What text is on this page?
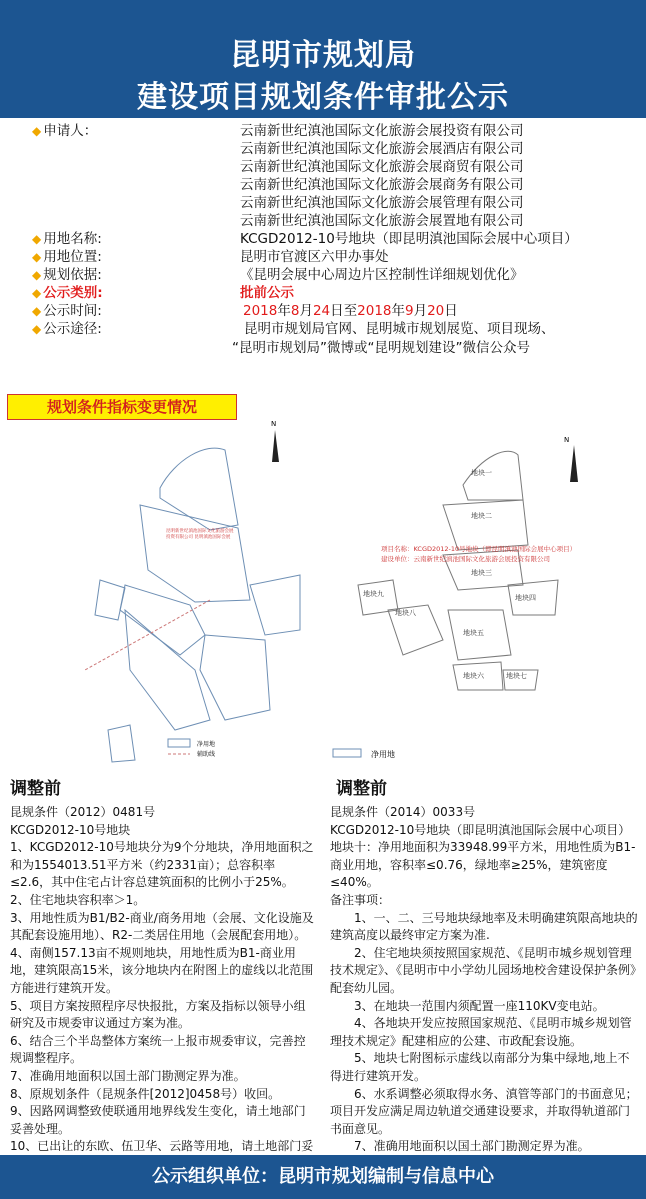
昆明市规划局
建设项目规划条件审批公示
◆ 申请人：	云南新世纪滇池国际文化旅游会展投资有限公司
云南新世纪滇池国际文化旅游会展酒店有限公司
云南新世纪滇池国际文化旅游会展商贸有限公司
云南新世纪滇池国际文化旅游会展商务有限公司
云南新世纪滇池国际文化旅游会展管理有限公司
云南新世纪滇池国际文化旅游会展置地有限公司
◆ 用地名称:	KCGD2012-10号地块（即昆明滇池国际会展中心项目）
◆ 用地位置:	昆明市官渡区六甲办事处
◆ 规划依据:	《昆明会展中心周边片区控制性详细规划优化》
◆ 公示类别:	批前公示
◆ 公示时间:	2018年8月24日至2018年9月20日
◆ 公示途径:	昆明市规划局官网、昆明城市规划展览、项目现场、
“昆明市规划局”微博或“昆明规划建设”微信公众号
昆明新世纪滇池国际文化旅游会展
投资有限公司 昆明滇池国际会展
N
净用地
辅助线
地块一
地块二
地块三
地块四
地块五
地块六	地块七
地块八
地块九
项目名称：KCGD2012-10号地块（即昆明滇池国际会展中心项目）
建设单位：云南新世纪滇池国际文化旅游会展投资有限公司
N
净用地
规划条件指标变更情况
调整前

昆规条件（2012）0481号

KCGD2012-10号地块

1、KCGD2012-10号地块分为9个分地块，净用地面积之和为1554013.51平方米（约2331亩）；总容积率≤2.6，其中住宅占计容总建筑面积的比例小于25%。

2、住宅地块容积率＞1。

3、用地性质为B1/B2-商业/商务用地（会展、文化设施及其配套设施用地）、R2-二类居住用地（会展配套用地）。

4、南侧157.13亩不规则地块，用地性质为B1-商业用地，建筑限高15米，该分地块内在附图上的虚线以北范围方能进行建筑开发。

5、项目方案按照程序尽快报批，方案及指标以领导小组研究及市规委审议通过方案为准。

6、结合三个半岛整体方案统一上报市规委审议，完善控规调整程序。

7、准确用地面积以国土部门勘测定界为准。

8、原规划条件（昆规条件[2012]0458号）收回。

9、因路网调整致使联通用地界线发生变化，请土地部门妥善处理。

10、已出让的东欧、伍卫华、云路等用地，请土地部门妥

调整前

昆规条件（2014）0033号

KCGD2012-10号地块（即昆明滇池国际会展中心项目）

地块十：净用地面积为33948.99平方米，用地性质为B1-商业用地，容积率≤0.76，绿地率≥25%，建筑密度≤40%。

备注事项：

　　1、一、二、三号地块绿地率及未明确建筑限高地块的建筑高度以最终审定方案为准.

　　2、住宅地块须按照国家规范、《昆明市城乡规划管理技术规定》、《昆明市中小学幼儿园场地校舍建设保护条例》配套幼儿园。

　　3、在地块一范围内须配置一座110KV变电站。

　　4、各地块开发应按照国家规范、《昆明市城乡规划管理技术规定》配建相应的公建、市政配套设施。

　　5、地块七附图标示虚线以南部分为集中绿地,地上不得进行建筑开发。

　　6、水系调整必须取得水务、滇管等部门的书面意见；项目开发应满足周边轨道交通建设要求，并取得轨道部门书面意见。

　　7、准确用地面积以国土部门勘测定界为准。

公示组织单位：昆明市规划编制与信息中心
